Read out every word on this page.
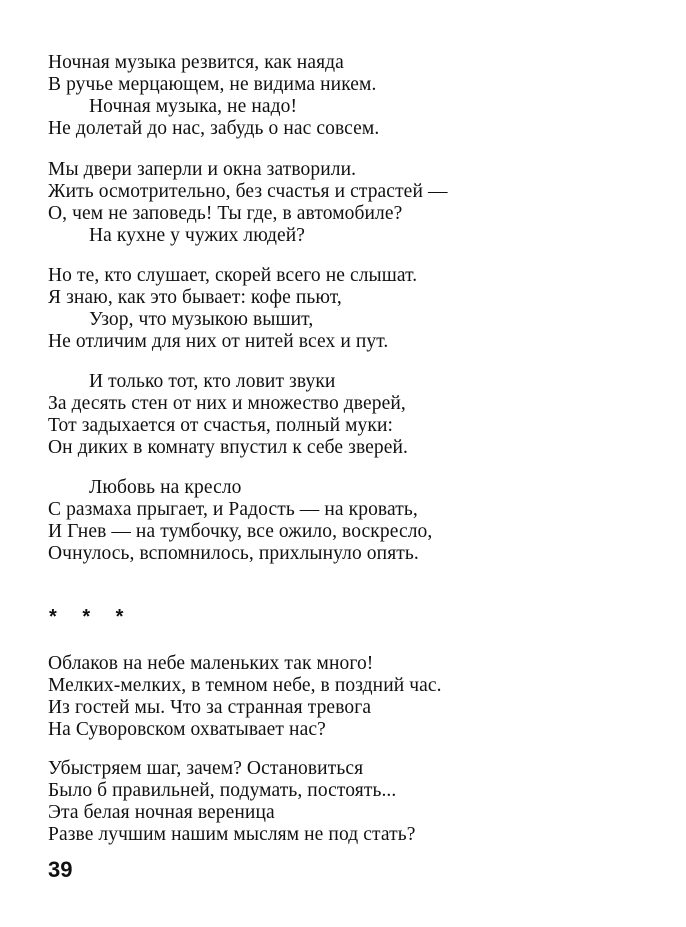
Ночная музыка резвится, как наяда
В ручье мерцающем, не видима никем.
Ночная музыка, не надо!
Не долетай до нас, забудь о нас совсем.
Мы двери заперли и окна затворили.
Жить осмотрительно, без счастья и страстей —
О, чем не заповедь! Ты где, в автомобиле?
На кухне у чужих людей?
Но те, кто слушает, скорей всего не слышат.
Я знаю, как это бывает: кофе пьют,
Узор, что музыкою вышит,
Не отличим для них от нитей всех и пут.
И только тот, кто ловит звуки
За десять стен от них и множество дверей,
Тот задыхается от счастья, полный муки:
Он диких в комнату впустил к себе зверей.
Любовь на кресло
С размаха прыгает, и Радость — на кровать,
И Гнев — на тумбочку, все ожило, воскресло,
Очнулось, вспомнилось, прихлынуло опять.
* * *
Облаков на небе маленьких так много!
Мелких-мелких, в темном небе, в поздний час.
Из гостей мы. Что за странная тревога
На Суворовском охватывает нас?
Убыстряем шаг, зачем? Остановиться
Было б правильней, подумать, постоять...
Эта белая ночная вереница
Разве лучшим нашим мыслям не под стать?
39
